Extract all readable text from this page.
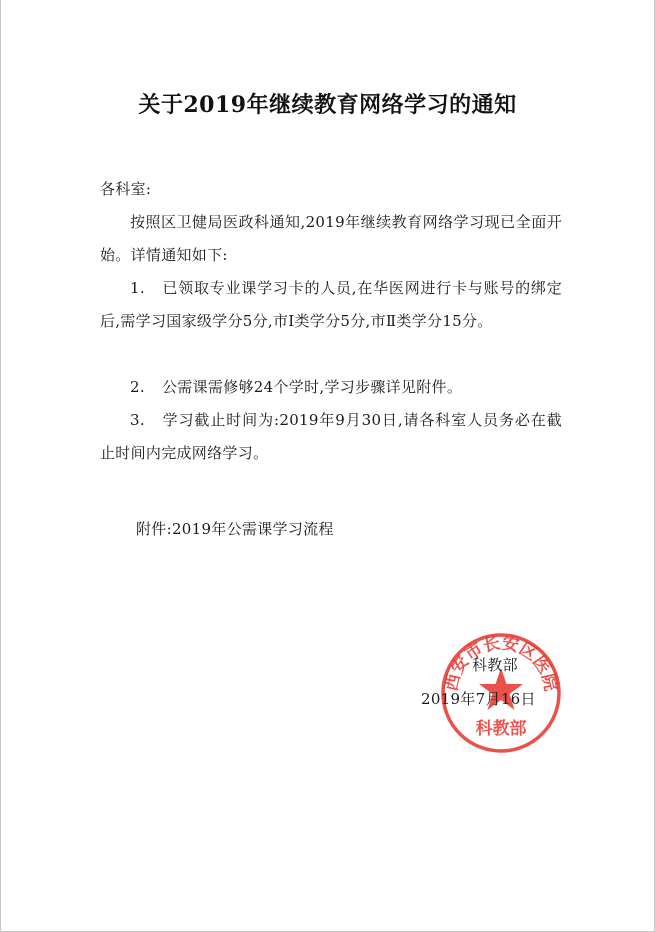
关于2019年继续教育网络学习的通知
各科室:
按照区卫健局医政科通知,2019年继续教育网络学习现已全面开始。详情通知如下:
1. 已领取专业课学习卡的人员,在华医网进行卡与账号的绑定后,需学习国家级学分5分,市Ⅰ类学分5分,市Ⅱ类学分15分。
2. 公需课需修够24个学时,学习步骤详见附件。
3. 学习截止时间为:2019年9月30日,请各科室人员务必在截止时间内完成网络学习。
附件:2019年公需课学习流程
西安市长安区医院
科教部
科教部
2019年7月16日
